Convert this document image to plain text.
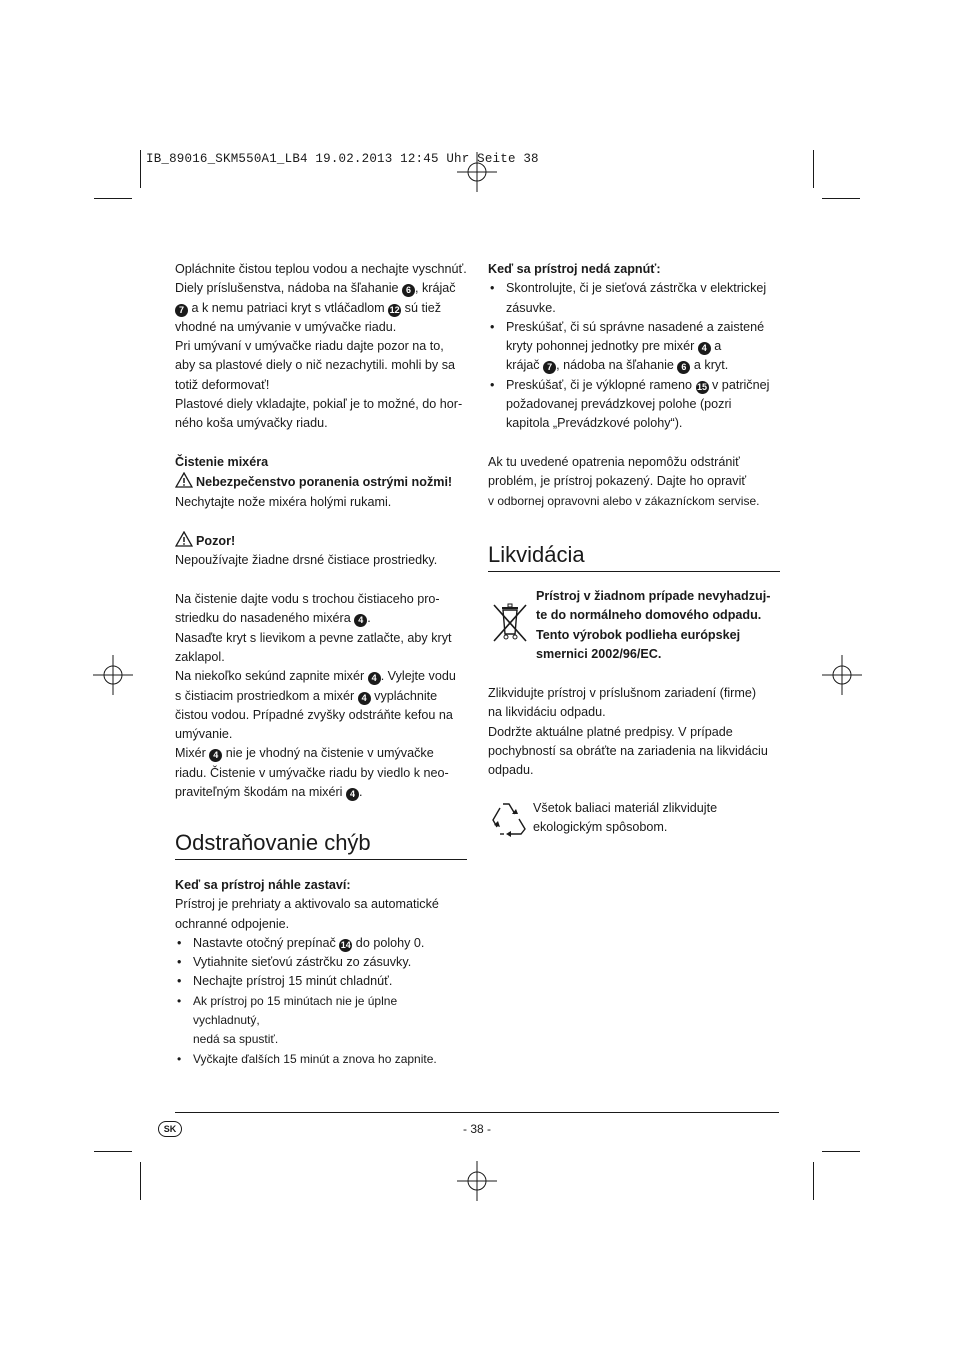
IB_89016_SKM550A1_LB4 19.02.2013 12:45 Uhr Seite 38

Opláchnite čistou teplou vodou a nechajte vyschnúť.

Diely príslušenstva, nádoba na šľahanie 6 , krájač

7 a k nemu patriaci kryt s vtláčadlom 12 sú tiež

vhodné na umývanie v umývačke riadu.

Pri umývaní v umývačke riadu dajte pozor na to,

aby sa plastové diely o nič nezachytili. mohli by sa

totiž deformovať!

Plastové diely vkladajte, pokiaľ je to možné, do hor-

ného koša umývačky riadu.

Čistenie mixéra

Nebezpečenstvo poranenia ostrými nožmi!

Nechytajte nože mixéra holými rukami.

Pozor!

Nepoužívajte žiadne drsné čistiace prostriedky.

Na čistenie dajte vodu s trochou čistiaceho pro-

striedku do nasadeného mixéra 4 .

Nasaďte kryt s lievikom a pevne zatlačte, aby kryt

zaklapol.

Na niekoľko sekúnd zapnite mixér 4 . Vylejte vodu

s čistiacim prostriedkom a mixér 4 vypláchnite

čistou vodou. Prípadné zvyšky odstráňte kefou na

umývanie.

Mixér 4 nie je vhodný na čistenie v umývačke

riadu. Čistenie v umývačke riadu by viedlo k neo-

praviteľným škodám na mixéri 4 .

Odstraňovanie chýb

Keď sa prístroj náhle zastaví:

Prístroj je prehriaty a aktivovalo sa automatické

ochranné odpojenie.

• Nastavte otočný prepínač 14 do polohy 0.
• Vytiahnite sieťovú zástrčku zo zásuvky.
• Nechajte prístroj 15 minút chladnúť.
• Ak prístroj po 15 minútach nie je úplne vychladnutý,
nedá sa spustiť.
• Vyčkajte ďalších 15 minút a znova ho zapnite.

Keď sa prístroj nedá zapnúť:

• Skontrolujte, či je sieťová zástrčka v elektrickej
zásuvke.
• Preskúšať, či sú správne nasadené a zaistené
kryty pohonnej jednotky pre mixér 4 a
krájač 7 , nádoba na šľahanie 6 a kryt.
• Preskúšať, či je výklopné rameno 15 v patričnej
požadovanej prevádzkovej polohe (pozri
kapitola „Prevádzkové polohy“).

Ak tu uvedené opatrenia nepomôžu odstrániť

problém, je prístroj pokazený. Dajte ho opraviť

v odbornej opravovni alebo v zákazníckom servise.

Likvidácia
Prístroj v žiadnom prípade nevyhadzuj-
te do normálneho domového odpadu.
Tento výrobok podlieha európskej
smernici 2002/96/EC.

Zlikvidujte prístroj v príslušnom zariadení (firme)

na likvidáciu odpadu.

Dodržte aktuálne platné predpisy. V prípade

pochybností sa obráťte na zariadenia na likvidáciu

odpadu.

Všetok baliaci materiál zlikvidujte
ekologickým spôsobom.
SK	- 38 -
